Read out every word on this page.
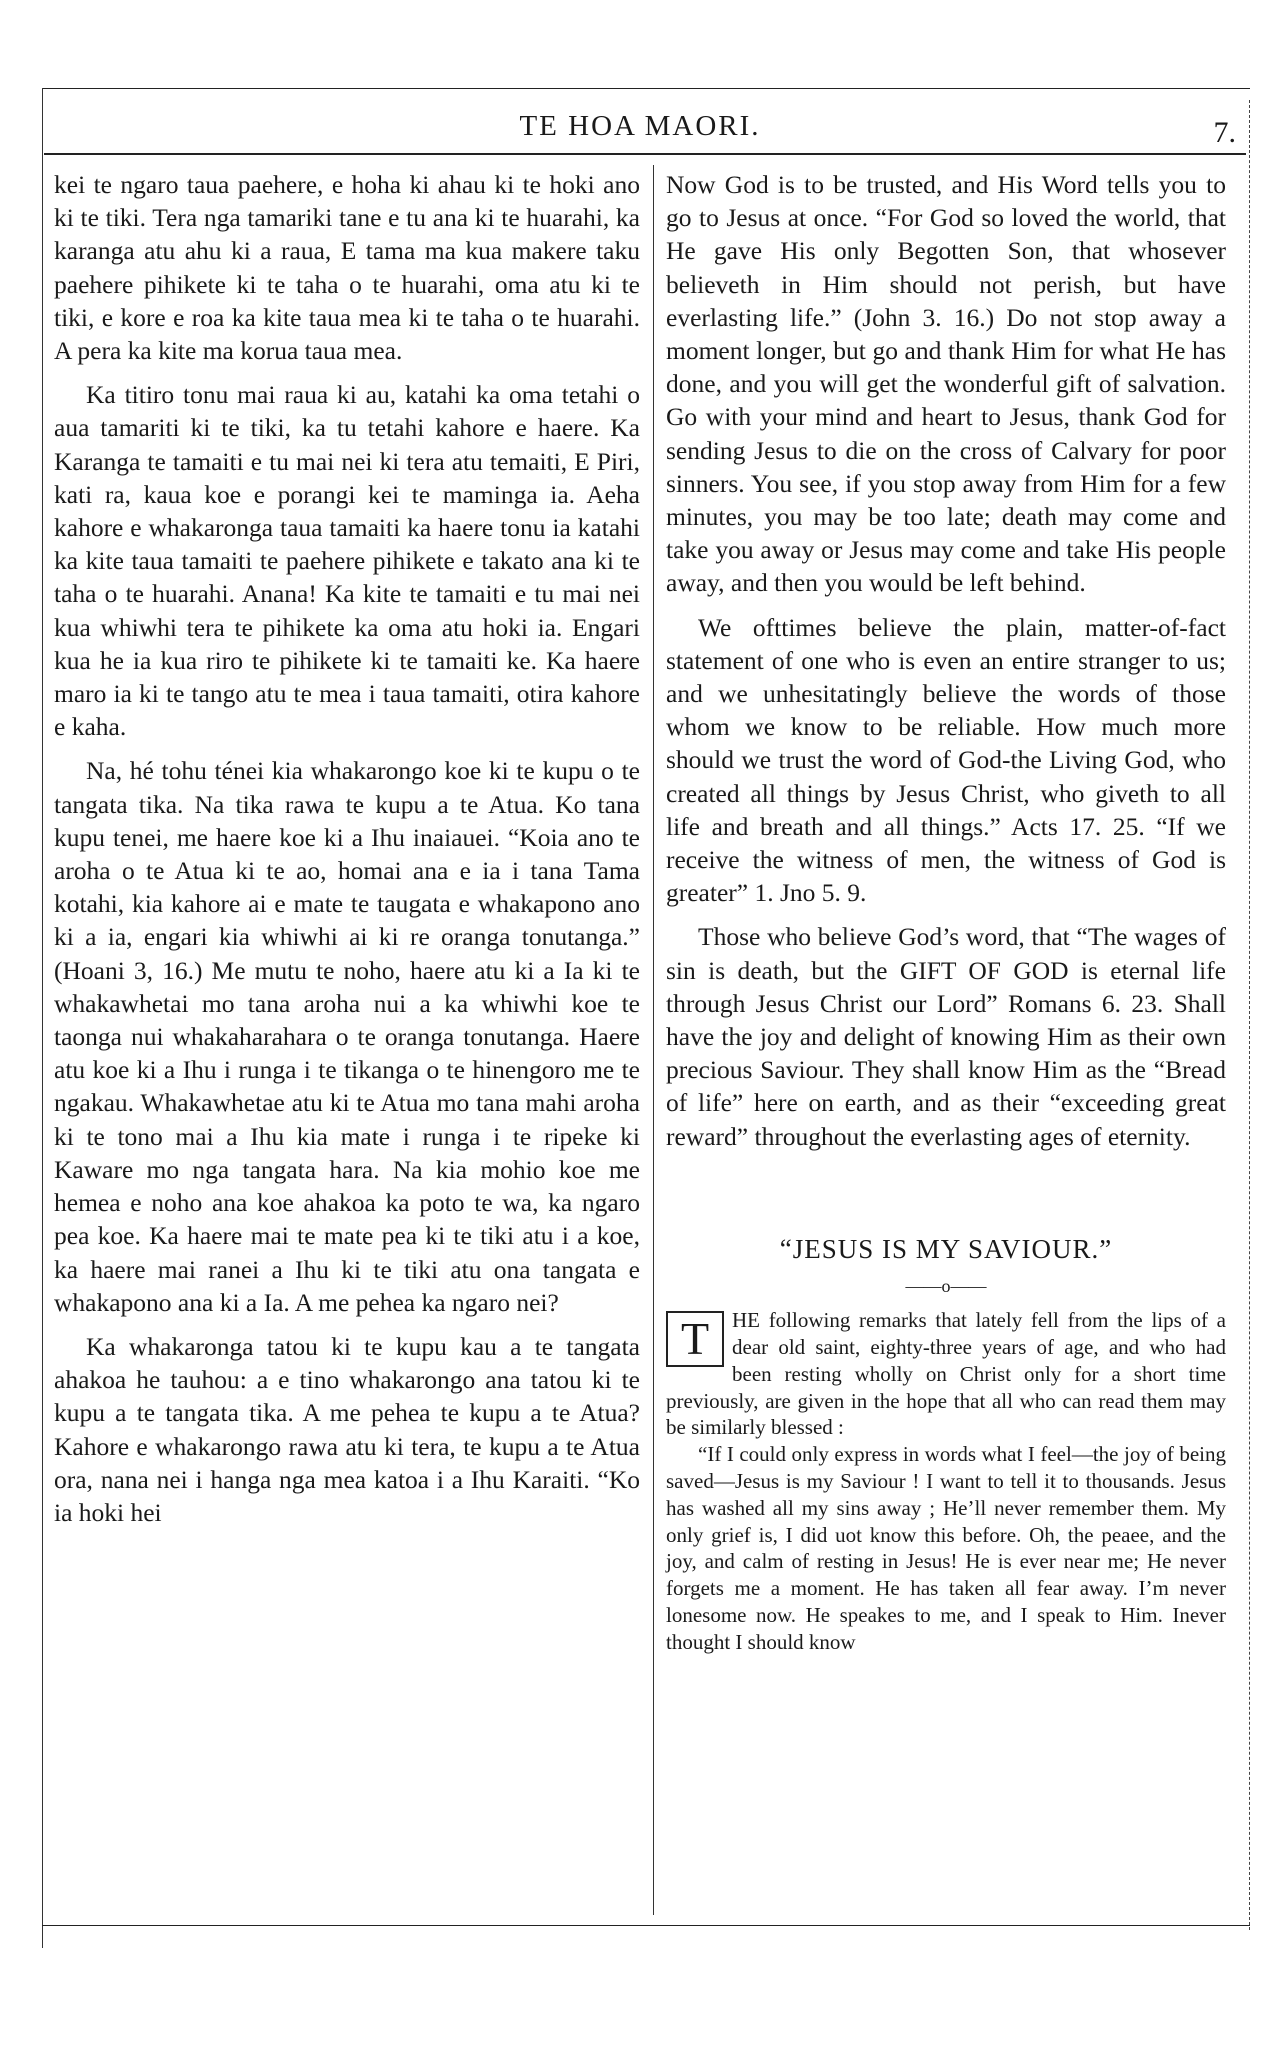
TE HOA MAORI.	7.

kei te ngaro taua paehere, e hoha ki ahau ki te hoki ano ki te tiki. Tera nga tamariki tane e tu ana ki te huarahi, ka karanga atu ahu ki a raua, E tama ma kua makere taku paehere pihikete ki te taha o te huarahi, oma atu ki te tiki, e kore e roa ka kite taua mea ki te taha o te huarahi. A pera ka kite ma korua taua mea.

Ka titiro tonu mai raua ki au, katahi ka oma tetahi o aua tamariti ki te tiki, ka tu tetahi kahore e haere. Ka Karanga te tamaiti e tu mai nei ki tera atu temaiti, E Piri, kati ra, kaua koe e porangi kei te maminga ia. Aeha kahore e whakaronga taua tamaiti ka haere tonu ia katahi ka kite taua tamaiti te paehere pihikete e takato ana ki te taha o te huarahi. Anana! Ka kite te tamaiti e tu mai nei kua whiwhi tera te pihikete ka oma atu hoki ia. Engari kua he ia kua riro te pihikete ki te tamaiti ke. Ka haere maro ia ki te tango atu te mea i taua tamaiti, otira kahore e kaha.

Na, hé tohu ténei kia whakarongo koe ki te kupu o te tangata tika. Na tika rawa te kupu a te Atua. Ko tana kupu tenei, me haere koe ki a Ihu inaiauei. “Koia ano te aroha o te Atua ki te ao, homai ana e ia i tana Tama kotahi, kia kahore ai e mate te taugata e whakapono ano ki a ia, engari kia whiwhi ai ki re oranga tonutanga.” (Hoani 3, 16.) Me mutu te noho, haere atu ki a Ia ki te whakawhetai mo tana aroha nui a ka whiwhi koe te taonga nui whakaharahara o te oranga tonutanga. Haere atu koe ki a Ihu i runga i te tikanga o te hinengoro me te ngakau. Whakawhetae atu ki te Atua mo tana mahi aroha ki te tono mai a Ihu kia mate i runga i te ripeke ki Kaware mo nga tangata hara. Na kia mohio koe me hemea e noho ana koe ahakoa ka poto te wa, ka ngaro pea koe. Ka haere mai te mate pea ki te tiki atu i a koe, ka haere mai ranei a Ihu ki te tiki atu ona tangata e whakapono ana ki a Ia. A me pehea ka ngaro nei?

Ka whakaronga tatou ki te kupu kau a te tangata ahakoa he tauhou: a e tino whakarongo ana tatou ki te kupu a te tangata tika. A me pehea te kupu a te Atua? Kahore e whakarongo rawa atu ki tera, te kupu a te Atua ora, nana nei i hanga nga mea katoa i a Ihu Karaiti. “Ko ia hoki hei

Now God is to be trusted, and His Word tells you to go to Jesus at once. “For God so loved the world, that He gave His only Begotten Son, that whosever believeth in Him should not perish, but have everlasting life.” (John 3. 16.) Do not stop away a moment longer, but go and thank Him for what He has done, and you will get the wonderful gift of salvation. Go with your mind and heart to Jesus, thank God for sending Jesus to die on the cross of Calvary for poor sinners. You see, if you stop away from Him for a few minutes, you may be too late; death may come and take you away or Jesus may come and take His people away, and then you would be left behind.

We ofttimes believe the plain, matter-of-fact statement of one who is even an entire stranger to us; and we unhesitatingly believe the words of those whom we know to be reliable. How much more should we trust the word of God-the Living God, who created all things by Jesus Christ, who giveth to all life and breath and all things.” Acts 17. 25. “If we receive the witness of men, the witness of God is greater” 1. Jno 5. 9.

Those who believe God’s word, that “The wages of sin is death, but the GIFT OF GOD is eternal life through Jesus Christ our Lord” Romans 6. 23. Shall have the joy and delight of knowing Him as their own precious Saviour. They shall know Him as the “Bread of life” here on earth, and as their “exceeding great reward” throughout the everlasting ages of eternity.

“JESUS IS MY SAVIOUR.”
——o——
T	HE following remarks that lately fell from the lips of a dear old saint, eighty-three years of age, and who had been resting wholly on Christ only for a short time previously, are given in the hope that all who can read them may be similarly blessed :

“If I could only express in words what I feel—the joy of being saved—Jesus is my Saviour ! I want to tell it to thousands. Jesus has washed all my sins away ; He’ll never remember them. My only grief is, I did uot know this before. Oh, the peaee, and the joy, and calm of resting in Jesus! He is ever near me; He never forgets me a moment. He has taken all fear away. I’m never lonesome now. He speakes to me, and I speak to Him. Inever thought I should know
